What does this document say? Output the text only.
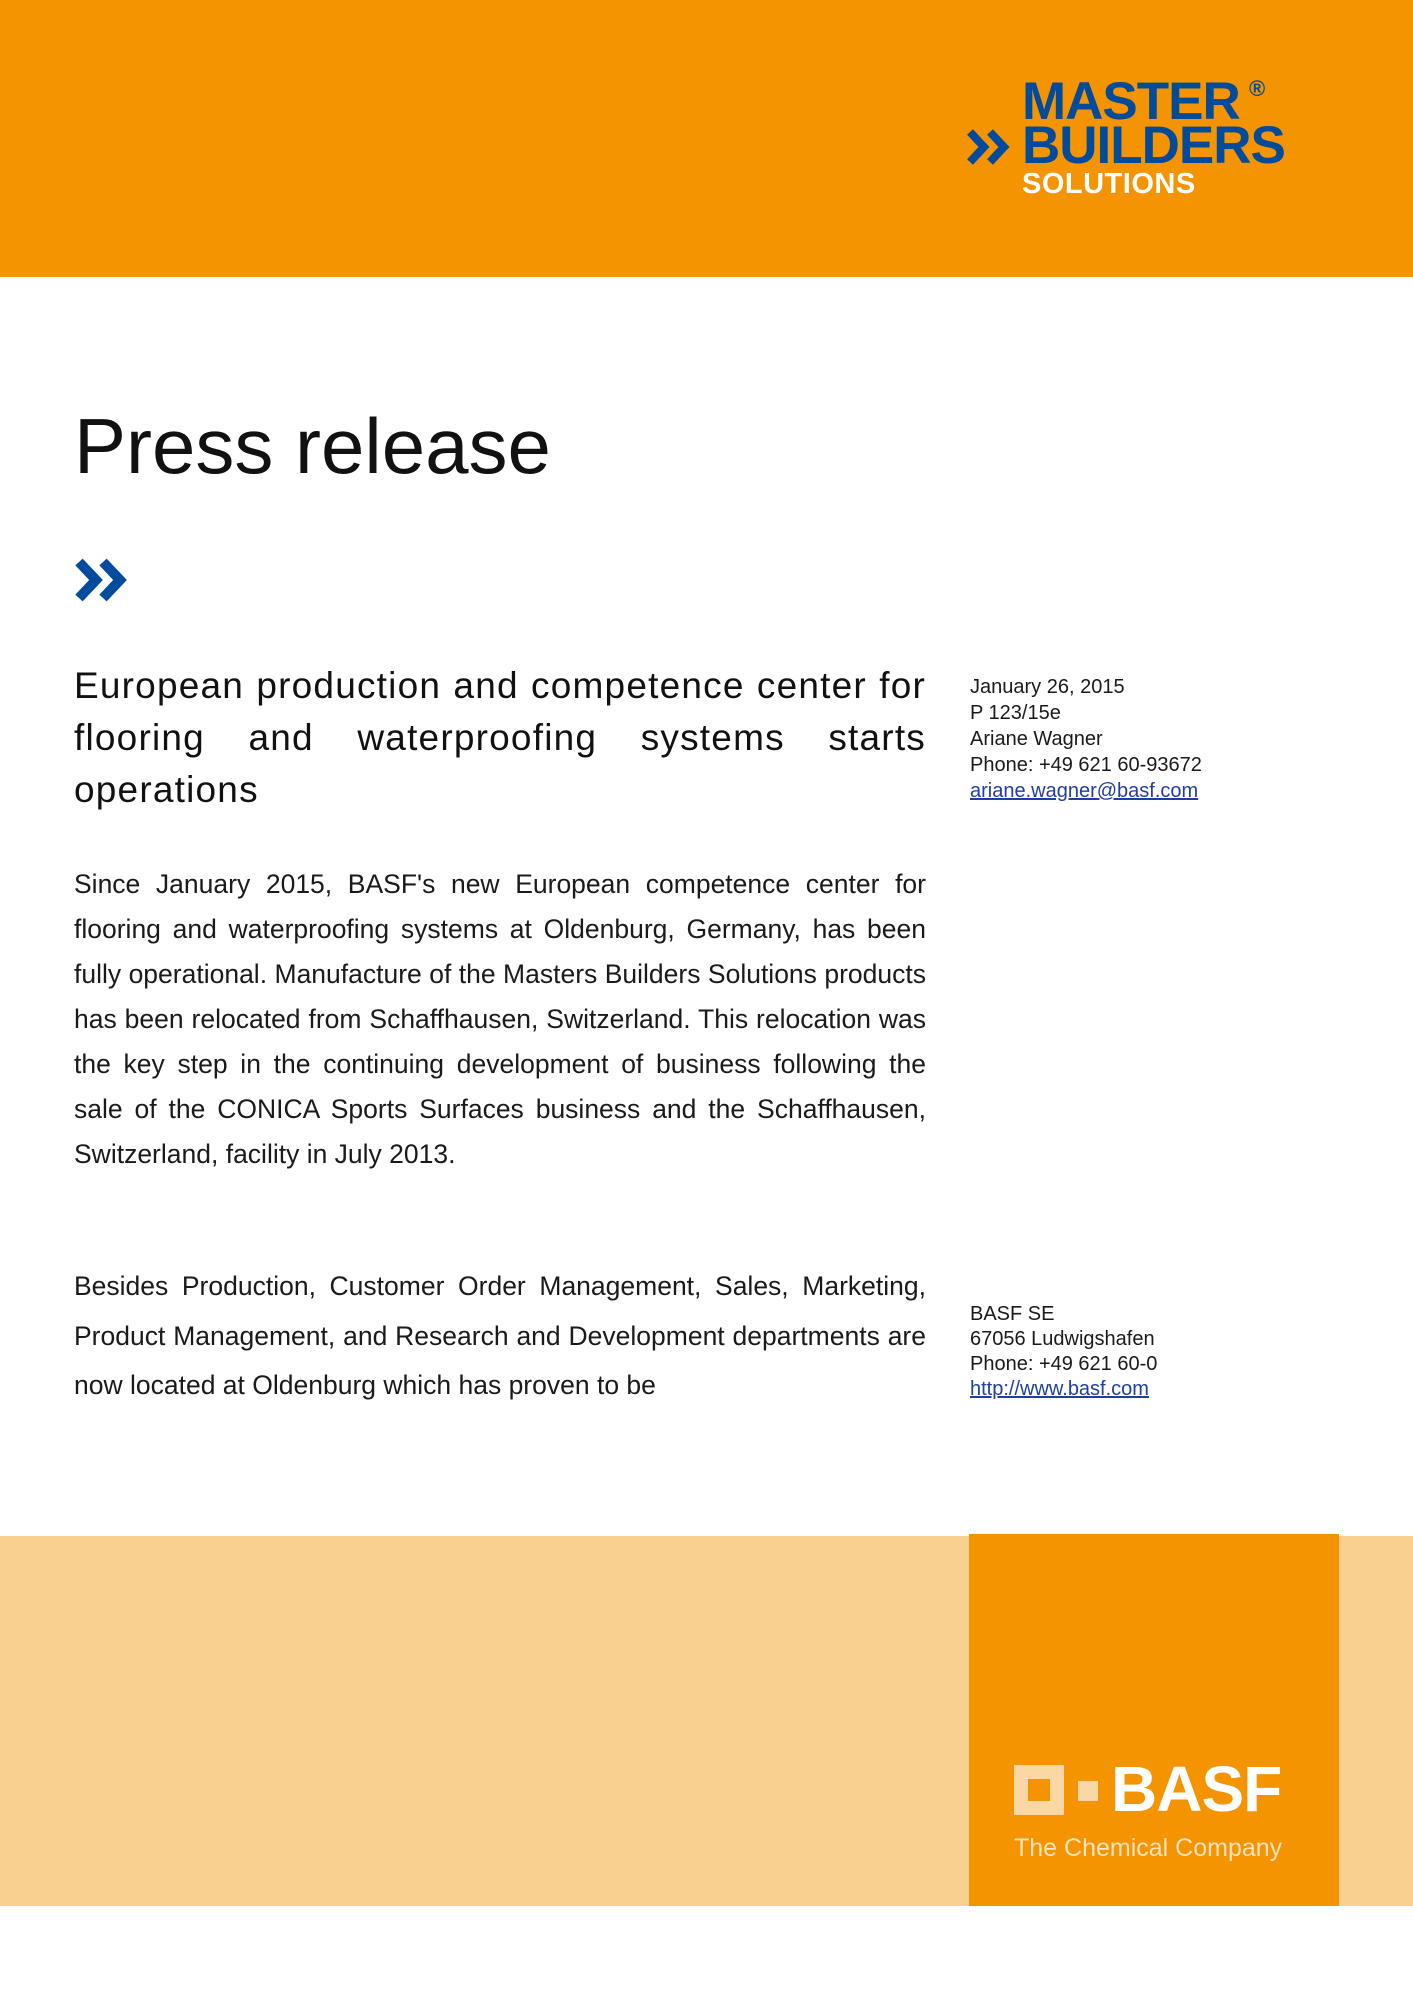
MASTER ®
BUILDERS
SOLUTIONS
Press release
European production and competence center for flooring and waterproofing systems starts operations

Since January 2015, BASF's new European competence center for flooring and waterproofing systems at Oldenburg, Germany, has been fully operational. Manufacture of the Masters Builders Solutions products has been relocated from Schaffhausen, Switzerland. This relocation was the key step in the continuing development of business following the sale of the CONICA Sports Surfaces business and the Schaffhausen, Switzerland, facility in July 2013.

Besides Production, Customer Order Management, Sales, Marketing, Product Management, and Research and Development departments are now located at Oldenburg which has proven to be

January 26, 2015
P 123/15e
Ariane Wagner
Phone: +49 621 60-93672
ariane.wagner@basf.com
BASF SE
67056 Ludwigshafen
Phone: +49 621 60-0
http://www.basf.com
BASF
The Chemical Company
